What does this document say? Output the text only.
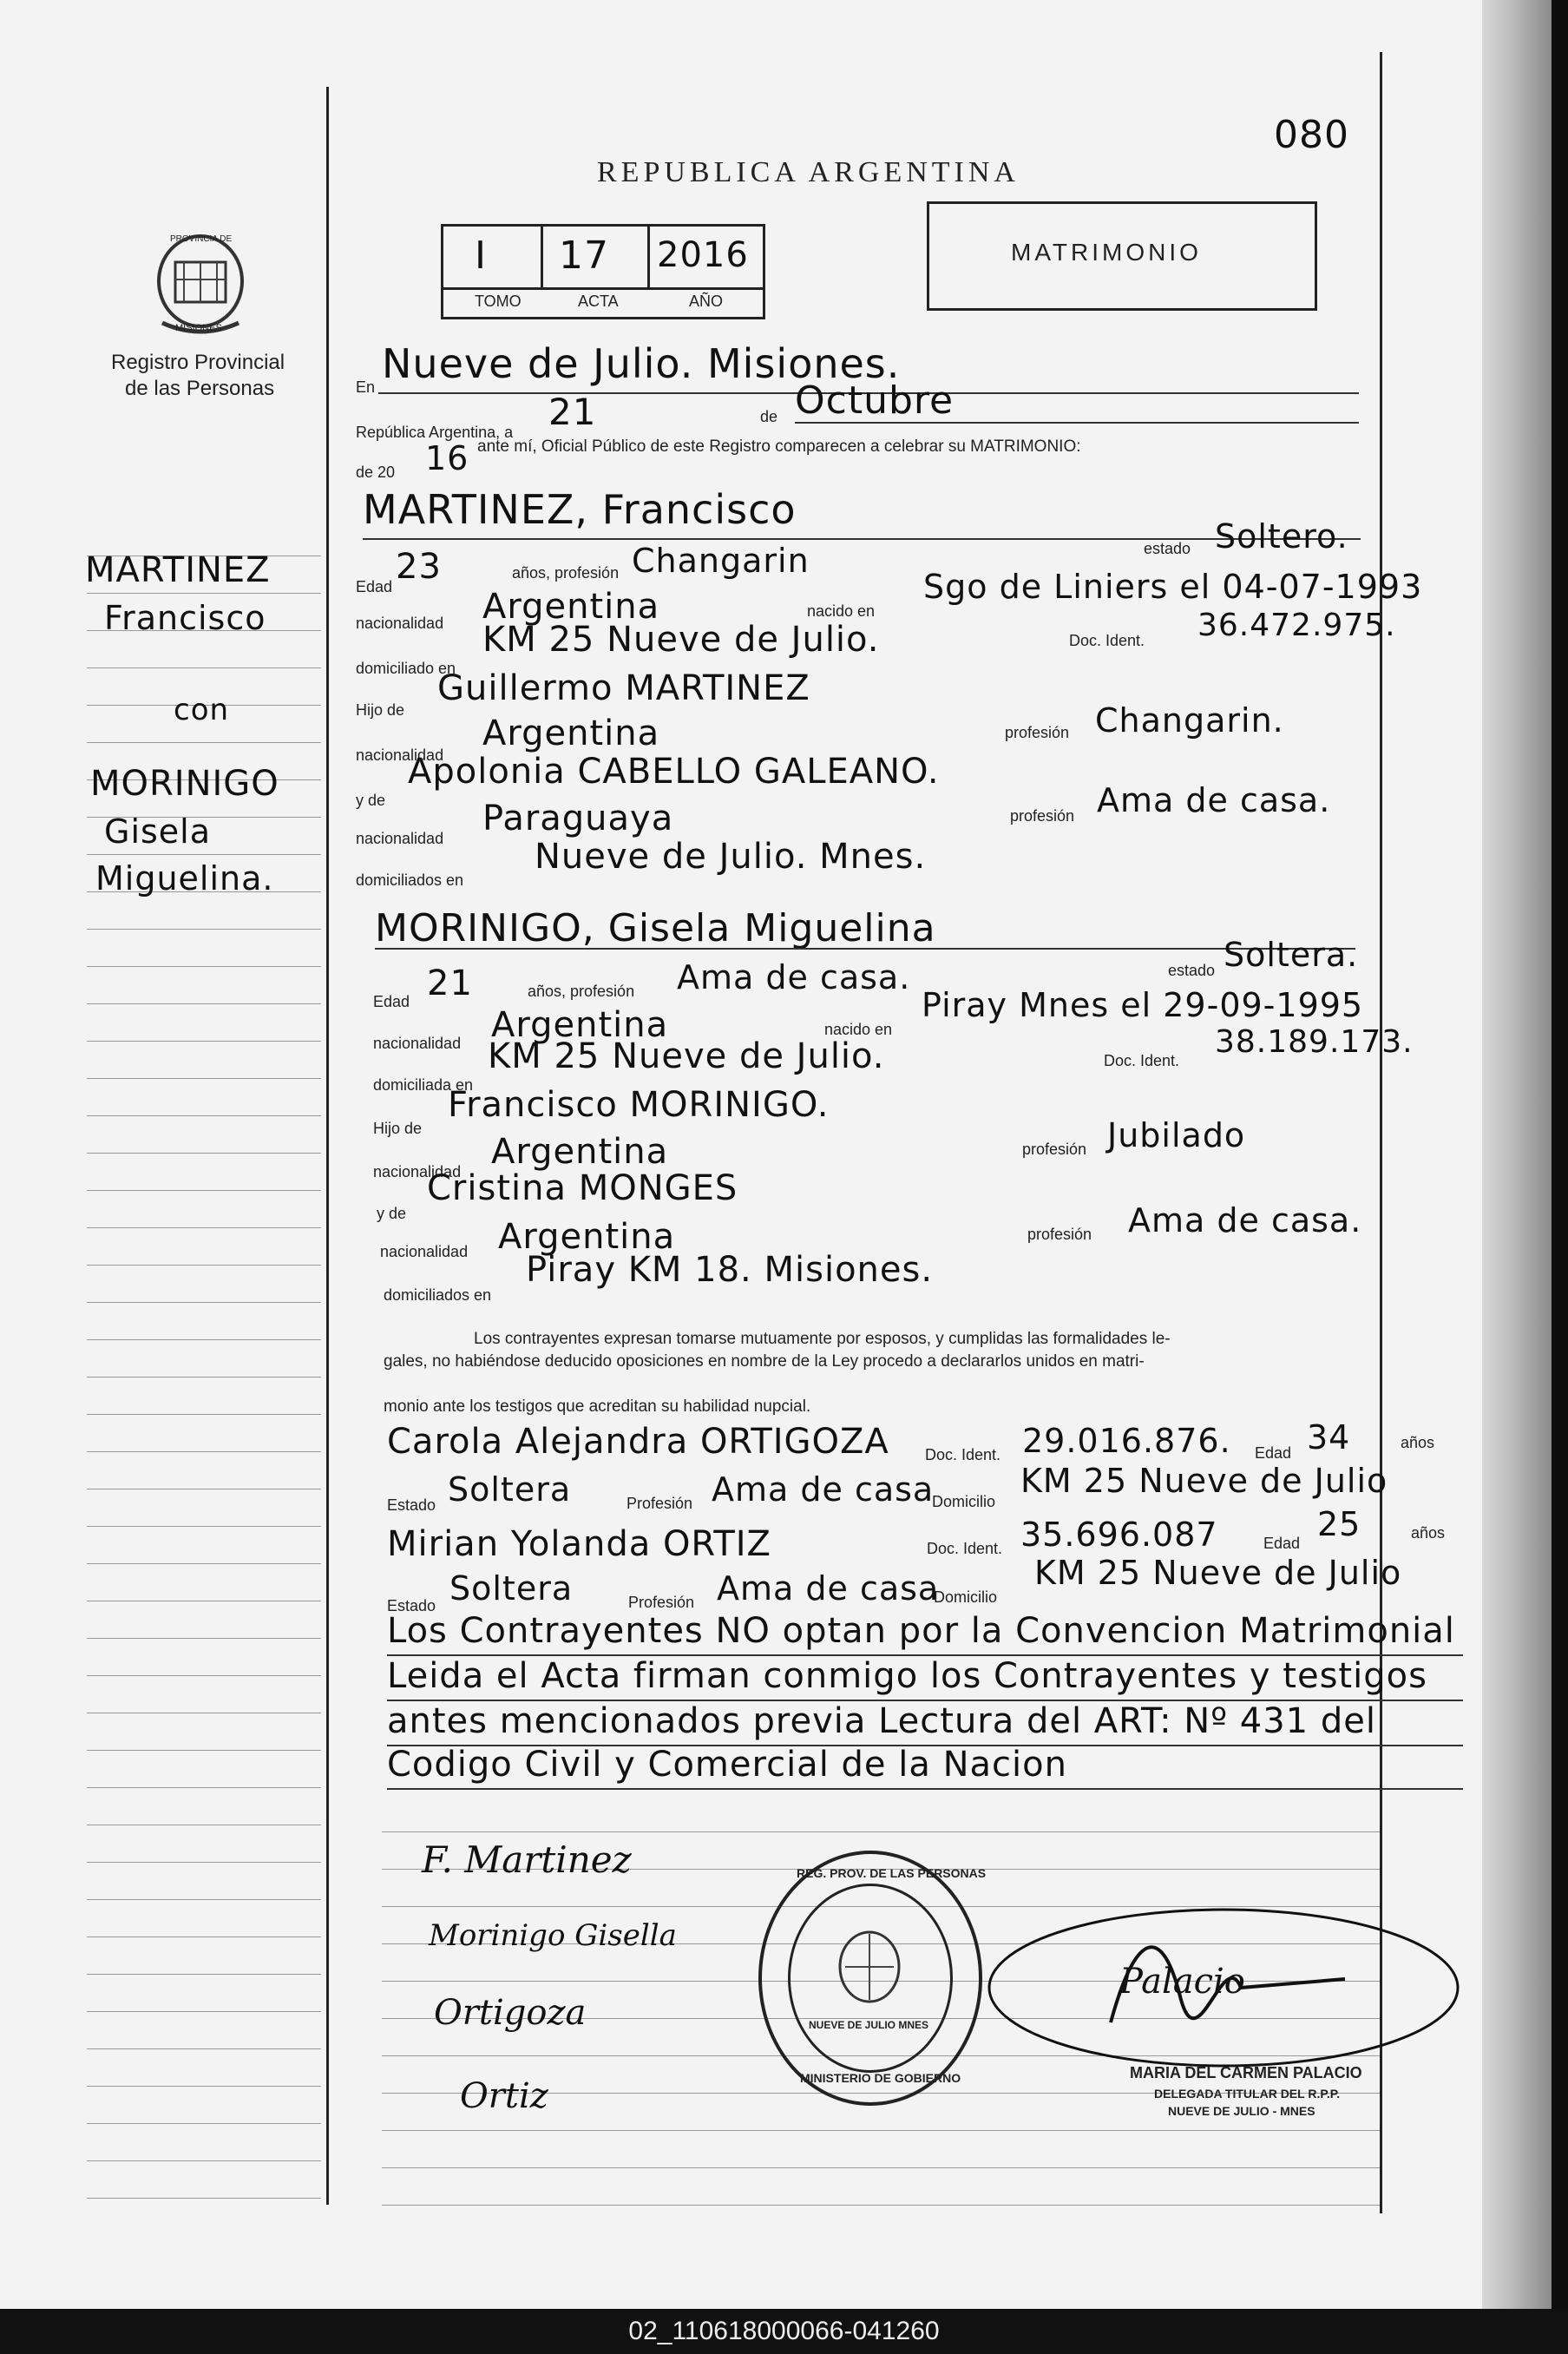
080
REPUBLICA ARGENTINA
I 17 2016
TOMO	ACTA	AÑO
MATRIMONIO
PROVINCIA DE
MISIONES
Registro Provincial
de las Personas
MARTINEZ
Francisco
con
MORINIGO
Gisela
Miguelina.
En Nueve de Julio. Misiones.
República Argentina, a 21	de Octubre
de 20 16 ante mí, Oficial Público de este Registro comparecen a celebrar su MATRIMONIO:
MARTINEZ, Francisco
Edad 23	años, profesión Changarin	estado Soltero.
nacionalidad Argentina	nacido en
Sgo de Liniers el 04-07-1993
domiciliado en
KM 25 Nueve de Julio.	Doc. Ident. 36.472.975.
Hijo de
Guillermo MARTINEZ
nacionalidad
Argentina	profesión Changarin.
y de
Apolonia CABELLO GALEANO.
nacionalidad Paraguaya	profesión Ama de casa.
domiciliados en
Nueve de Julio. Mnes.
MORINIGO, Gisela Miguelina
Edad 21	años, profesión Ama de casa.	estado Soltera.
nacionalidad Argentina	nacido en
Piray Mnes el 29-09-1995
domiciliada en
KM 25 Nueve de Julio.	Doc. Ident.
38.189.173.
Hijo de
Francisco MORINIGO.
nacionalidad Argentina	profesión Jubilado
y de
Cristina MONGES
nacionalidad Argentina	profesión Ama de casa.
domiciliados en
Piray KM 18. Misiones.
Los contrayentes expresan tomarse mutuamente por esposos, y cumplidas las formalidades le-
gales, no habiéndose deducido oposiciones en nombre de la Ley procedo a declararlos unidos en matri-
monio ante los testigos que acreditan su habilidad nupcial.
Carola Alejandra ORTIGOZA Doc. Ident. 29.016.876. Edad 34	años
Estado Soltera	Profesión Ama de casa
Domicilio
KM 25 Nueve de Julio
Mirian Yolanda ORTIZ	Doc. Ident. 35.696.087	Edad 25	años
Estado Soltera	Profesión Ama de casa
Domicilio
KM 25 Nueve de Julio
Los Contrayentes NO optan por la Convencion Matrimonial
Leida el Acta firman conmigo los Contrayentes y testigos
antes mencionados previa Lectura del ART: Nº 431 del
Codigo Civil y Comercial de la Nacion
F. Martinez
Morinigo Gisella
Ortigoza
Ortiz
REG. PROV. DE LAS PERSONAS
MINISTERIO DE GOBIERNO
NUEVE DE JULIO MNES
Palacio
MARIA DEL CARMEN PALACIO
DELEGADA TITULAR DEL R.P.P.
NUEVE DE JULIO - MNES
02_110618000066-041260
